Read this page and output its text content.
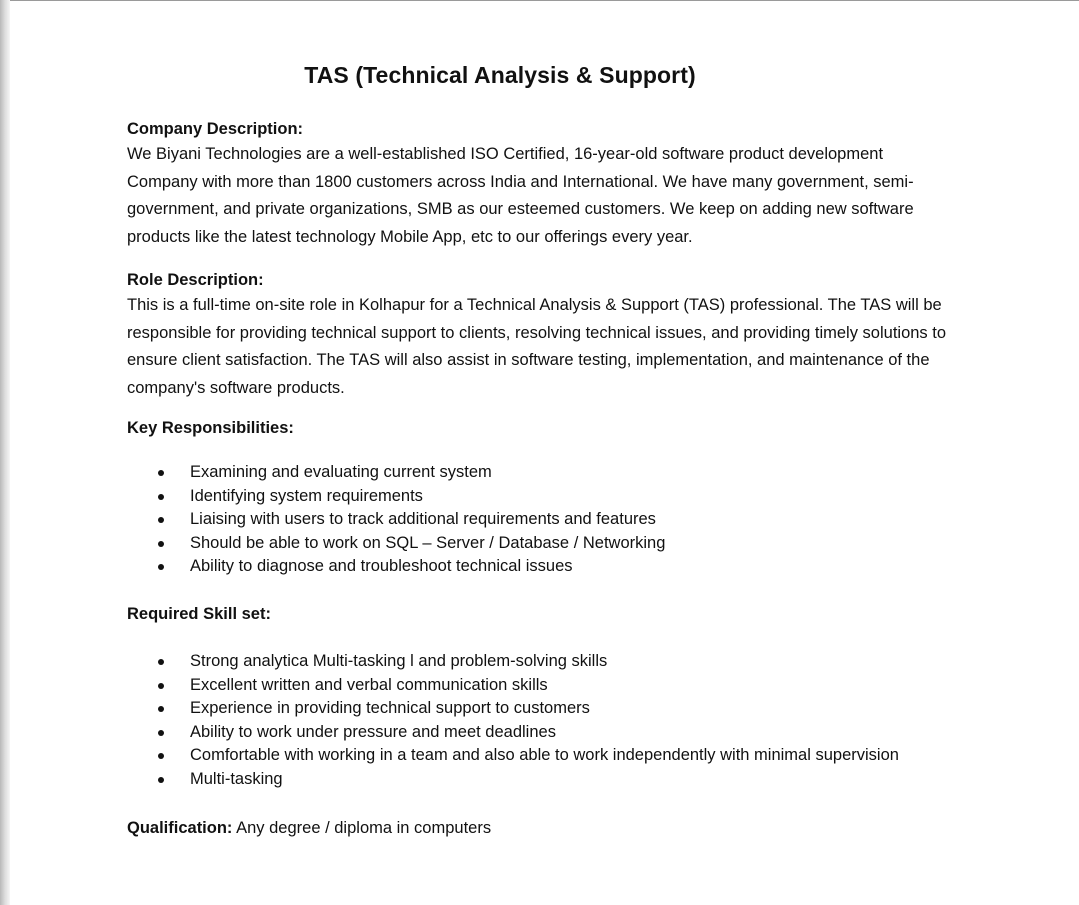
TAS (Technical Analysis & Support)
Company Description:

We Biyani Technologies are a well-established ISO Certified, 16-year-old software product development Company with more than 1800 customers across India and International. We have many government, semi-government, and private organizations, SMB as our esteemed customers. We keep on adding new software products like the latest technology Mobile App, etc to our offerings every year.

Role Description:

This is a full-time on-site role in Kolhapur for a Technical Analysis & Support (TAS) professional. The TAS will be responsible for providing technical support to clients, resolving technical issues, and providing timely solutions to ensure client satisfaction. The TAS will also assist in software testing, implementation, and maintenance of the company's software products.

Key Responsibilities:
Examining and evaluating current system
Identifying system requirements
Liaising with users to track additional requirements and features
Should be able to work on SQL – Server / Database / Networking
Ability to diagnose and troubleshoot technical issues
Required Skill set:
Strong analytica Multi-tasking l and problem-solving skills
Excellent written and verbal communication skills
Experience in providing technical support to customers
Ability to work under pressure and meet deadlines
Comfortable with working in a team and also able to work independently with minimal supervision
Multi-tasking

Qualification: Any degree / diploma in computers
